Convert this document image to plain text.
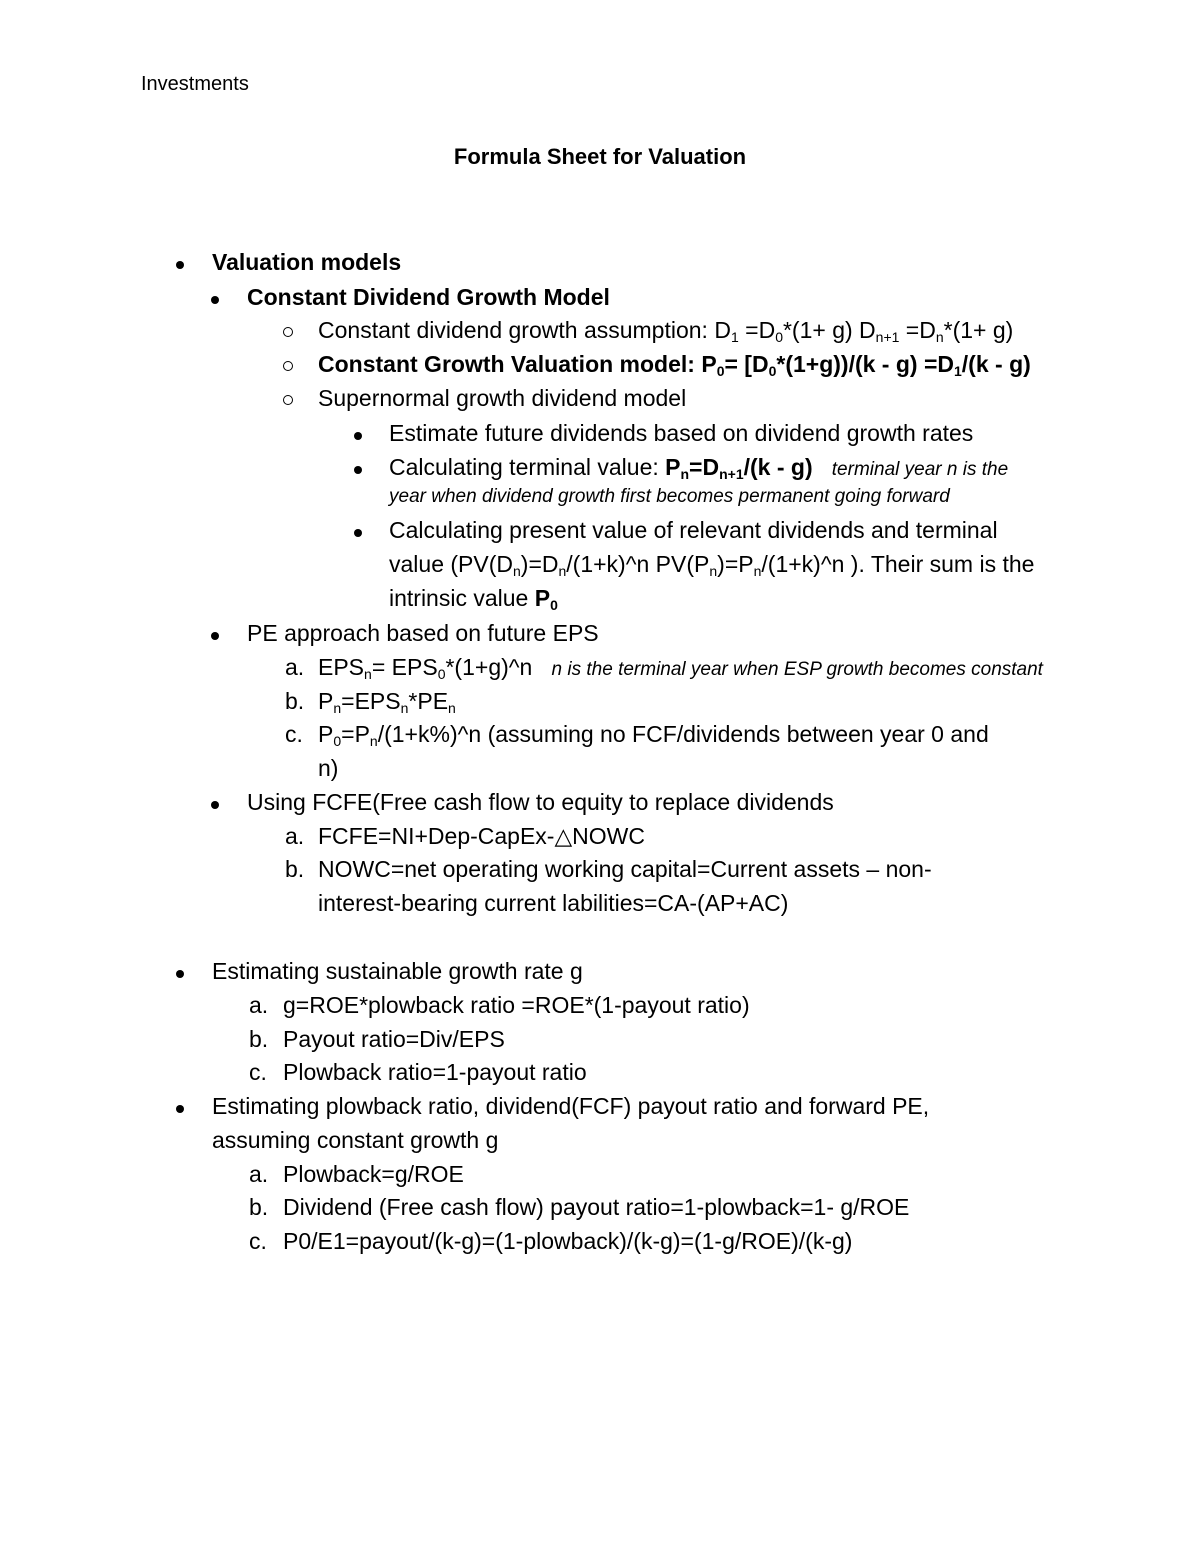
Investments
Formula Sheet for Valuation
Valuation models
Constant Dividend Growth Model
Constant dividend growth assumption: $D_1 =D_0*(1+ g)$ $D_{n+1} =D_n*(1+ g)$
Constant Growth Valuation model: $P_0= [D_0*(1+g))/(k - g) =D_1/(k - g)$
Supernormal growth dividend model
Estimate future dividends based on dividend growth rates
Calculating terminal value: $P_n=D_{n+1}/(k - g)$ terminal year n is the
year when dividend growth first becomes permanent going forward
Calculating present value of relevant dividends and terminal
value ($PV(D_n)=D_n/(1+k)\^{}n$ $PV(P_n)=P_n/(1+k)\^{}n$ ). Their sum is the
intrinsic value $P_0$
PE approach based on future EPS
a. $EPS_n=$ $EPS_0*(1+g)\^{}n$ n is the terminal year when ESP growth becomes constant
b. $P_n=EPS_n*PE_n$
c. $P_0=P_n/(1+k\%)\^{}n$ (assuming no FCF/dividends between year 0 and
n)
Using FCFE(Free cash flow to equity to replace dividends
a. FCFE=NI+Dep-CapEx-△NOWC
b. NOWC=net operating working capital=Current assets – non-
interest-bearing current labilities=CA-(AP+AC)
Estimating sustainable growth rate g
a. g=ROE*plowback ratio =ROE*(1-payout ratio)
b. Payout ratio=Div/EPS
c. Plowback ratio=1-payout ratio
Estimating plowback ratio, dividend(FCF) payout ratio and forward PE,
assuming constant growth g
a. Plowback=g/ROE
b. Dividend (Free cash flow) payout ratio=1-plowback=1- g/ROE
c. P0/E1=payout/(k-g)=(1-plowback)/(k-g)=(1-g/ROE)/(k-g)
